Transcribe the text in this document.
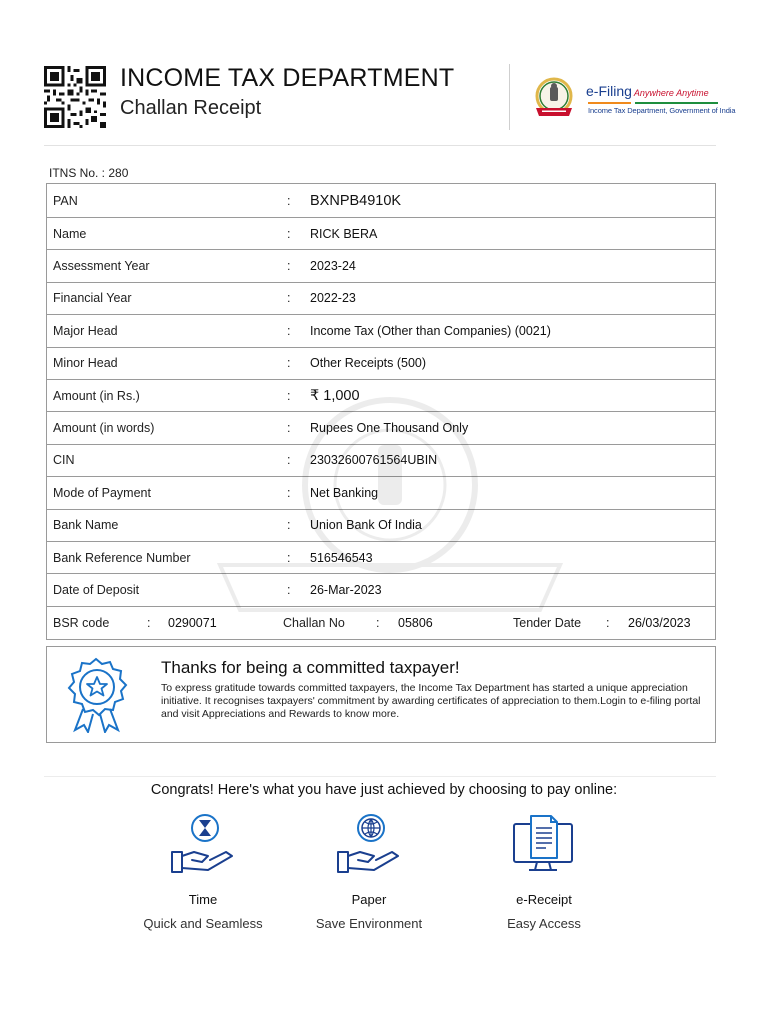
INCOME TAX DEPARTMENT
Challan Receipt
e-Filing Anywhere Anytime
Income Tax Department, Government of India
ITNS No. : 280
PAN	: BXNPB4910K
Name	: RICK BERA
Assessment Year	: 2023-24
Financial Year	: 2022-23
Major Head	: Income Tax (Other than Companies) (0021)
Minor Head	: Other Receipts (500)
Amount (in Rs.)	: ₹ 1,000
Amount (in words)	: Rupees One Thousand Only
CIN	: 23032600761564UBIN
Mode of Payment	: Net Banking
Bank Name	: Union Bank Of India
Bank Reference Number	: 516546543
Date of Deposit	: 26-Mar-2023
BSR code	: 0290071	Challan No : 05806	Tender Date : 26/03/2023
Thanks for being a committed taxpayer!
To express gratitude towards committed taxpayers, the Income Tax Department has started a unique appreciation initiative. It recognises taxpayers' commitment by awarding certificates of appreciation to them.Login to e-filing portal and visit Appreciations and Rewards to know more.
Congrats! Here's what you have just achieved by choosing to pay online:
Time
Quick and Seamless
Paper
Save Environment
e-Receipt
Easy Access
